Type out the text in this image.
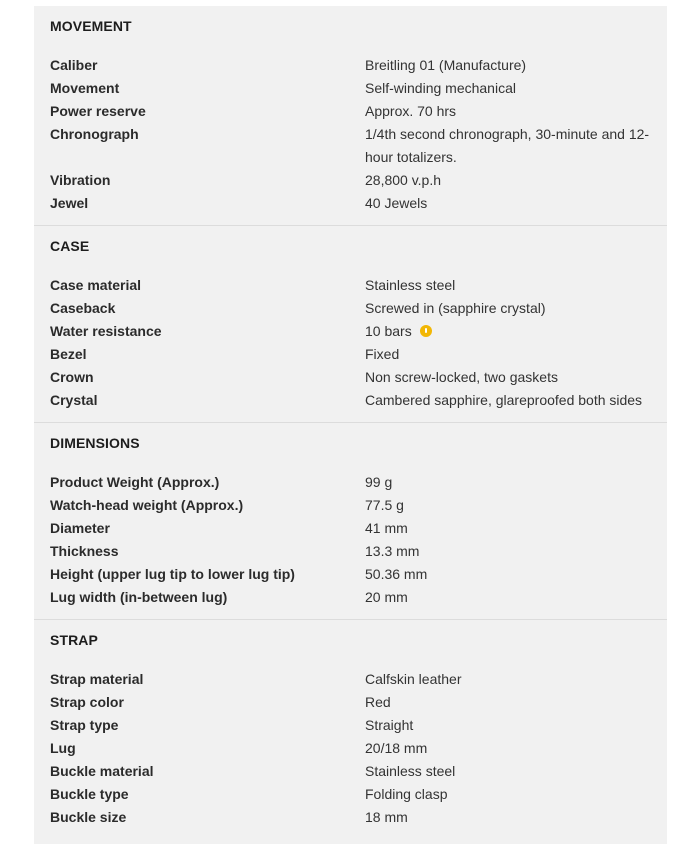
MOVEMENT
Caliber	Breitling 01 (Manufacture)
Movement	Self-winding mechanical
Power reserve	Approx. 70 hrs
Chronograph	1/4th second chronograph, 30-minute and 12-hour totalizers.
Vibration	28,800 v.p.h
Jewel	40 Jewels
CASE
Case material	Stainless steel
Caseback	Screwed in (sapphire crystal)
Water resistance	10 bars
Bezel	Fixed
Crown	Non screw-locked, two gaskets
Crystal	Cambered sapphire, glareproofed both sides
DIMENSIONS
Product Weight (Approx.)	99 g
Watch-head weight (Approx.)	77.5 g
Diameter	41 mm
Thickness	13.3 mm
Height (upper lug tip to lower lug tip)	50.36 mm
Lug width (in-between lug)	20 mm
STRAP
Strap material	Calfskin leather
Strap color	Red
Strap type	Straight
Lug	20/18 mm
Buckle material	Stainless steel
Buckle type	Folding clasp
Buckle size	18 mm
